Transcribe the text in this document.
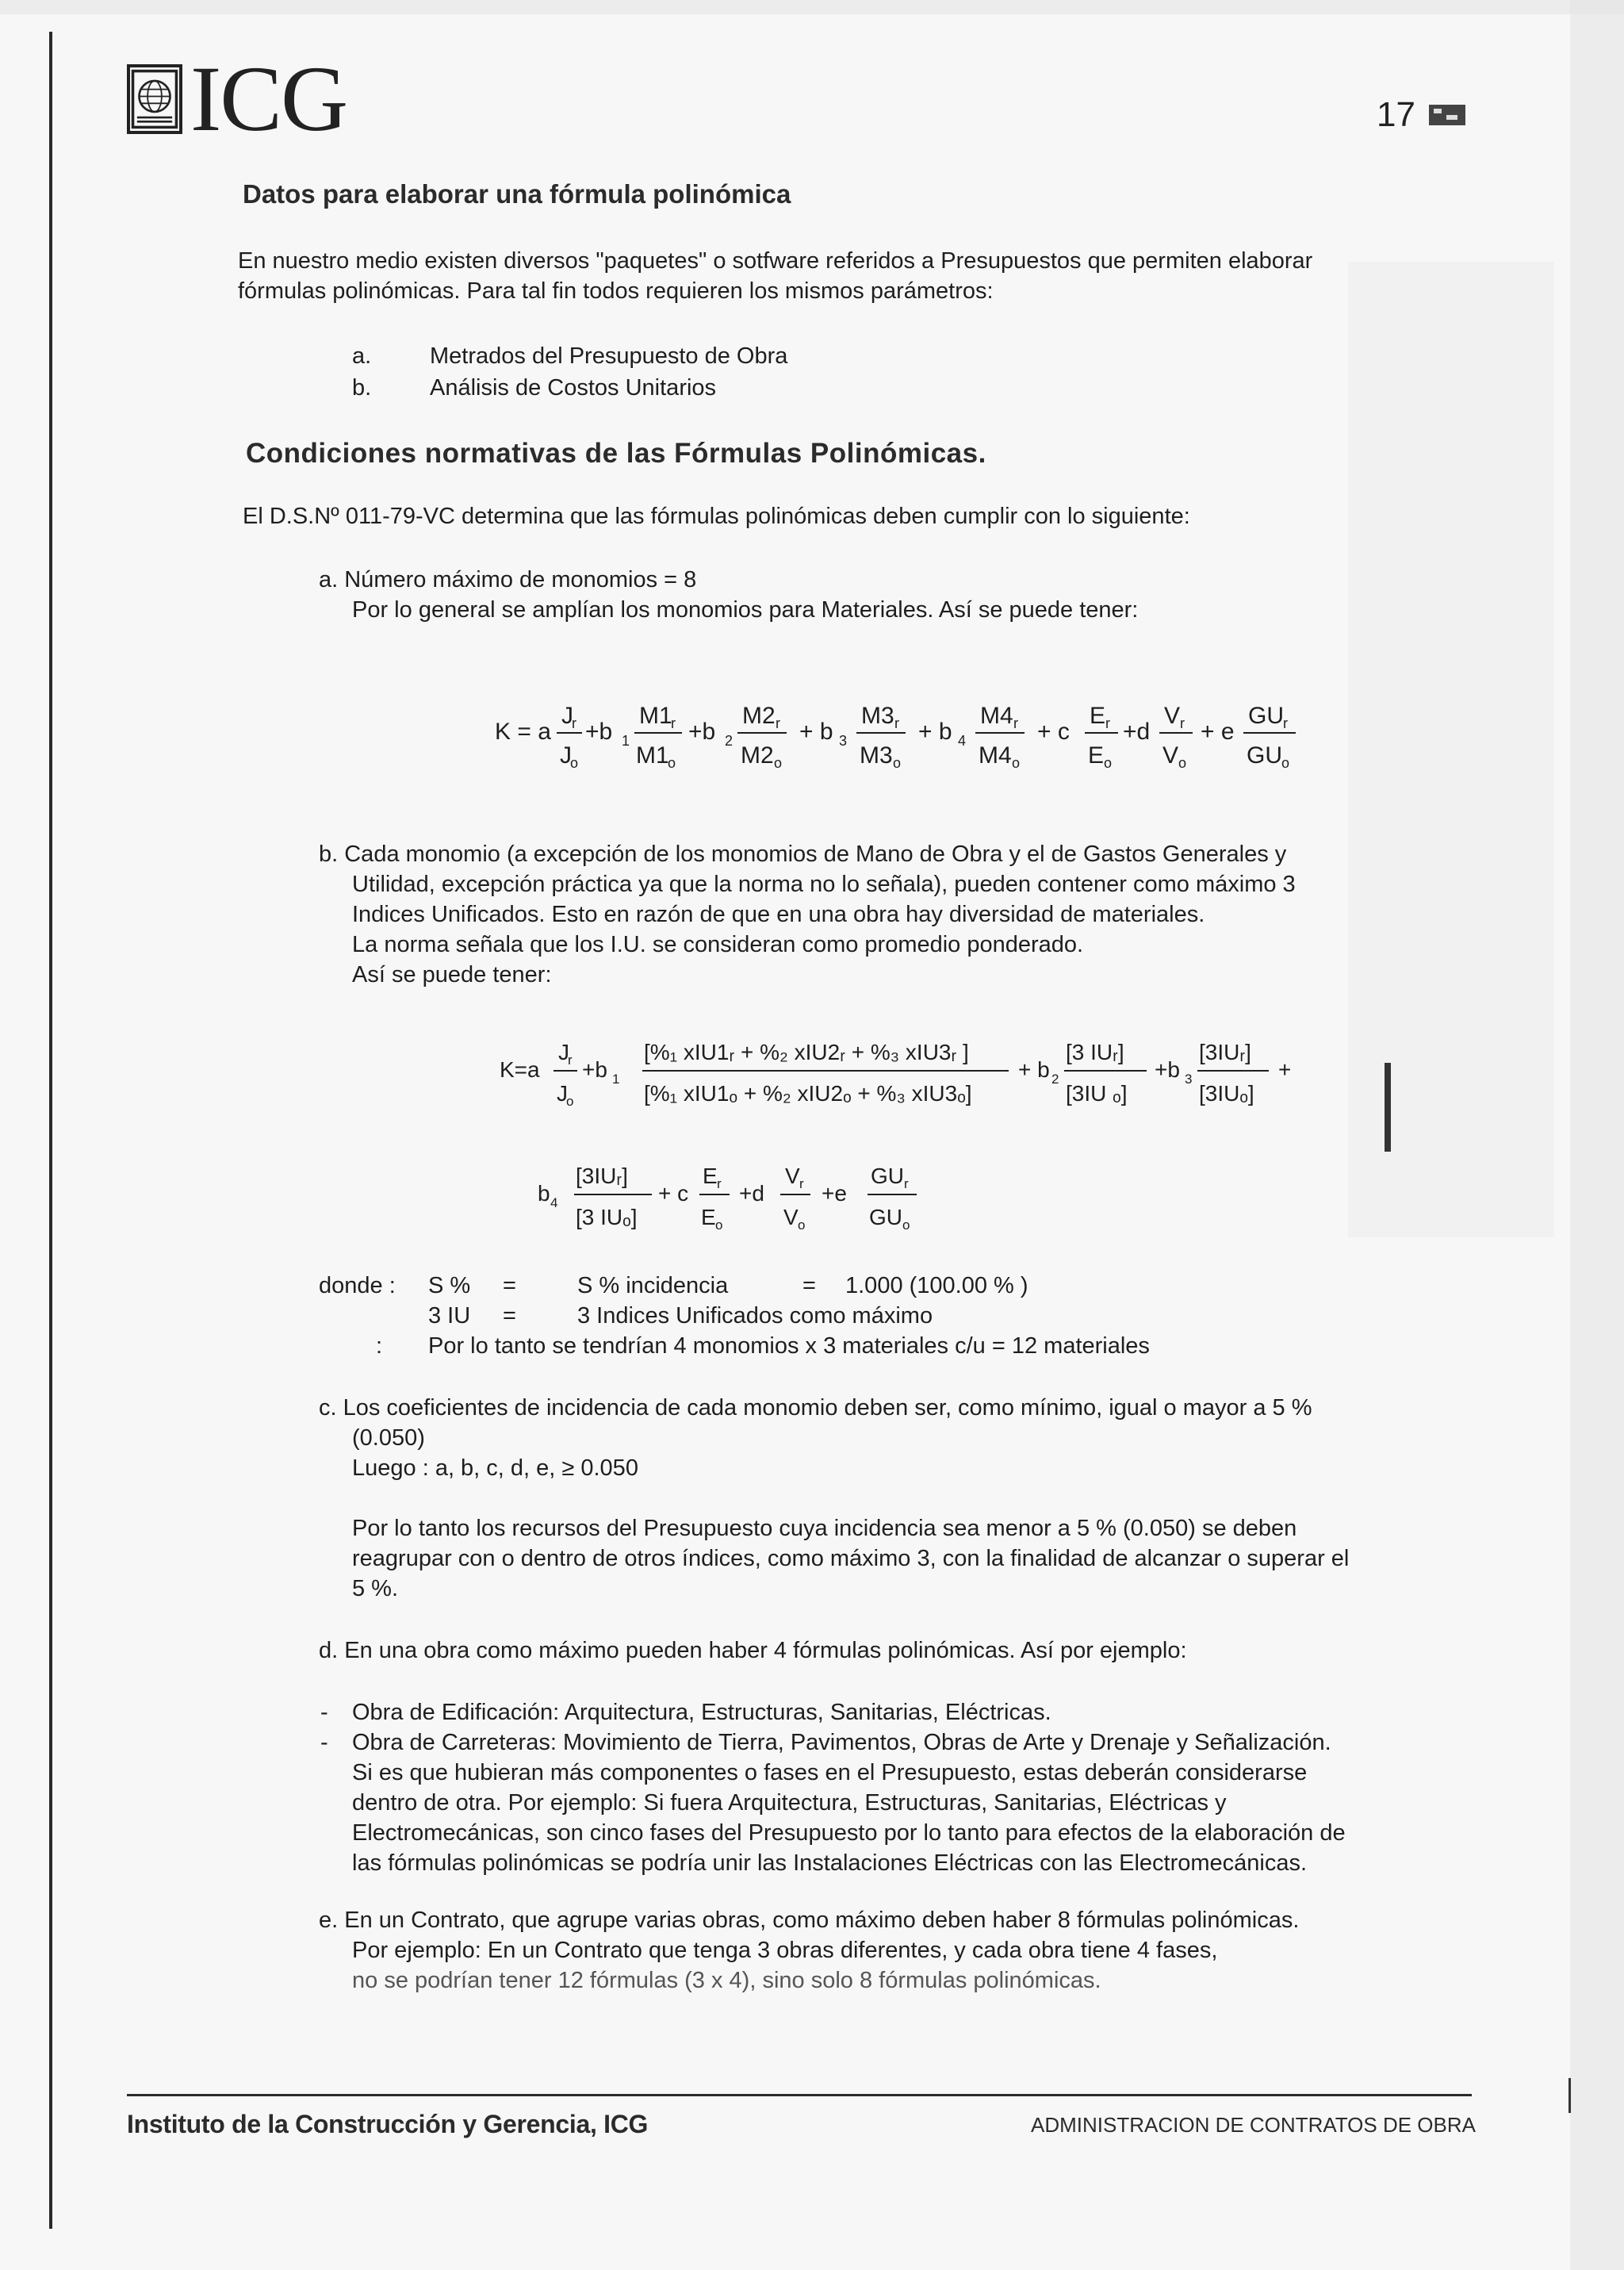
ICG	17
Datos para elaborar una fórmula polinómica
En nuestro medio existen diversos "paquetes" o sotfware referidos a Presupuestos que permiten elaborar
fórmulas polinómicas. Para tal fin todos requieren los mismos parámetros:
a.	Metrados del Presupuesto de Obra
b.	Análisis de Costos Unitarios
Condiciones normativas de las Fórmulas Polinómicas.
El D.S.Nº 011-79-VC determina que las fórmulas polinómicas deben cumplir con lo siguiente:
a. Número máximo de monomios = 8
Por lo general se amplían los monomios para Materiales. Así se puede tener:
K = a
J
r
J
o
+b 1
M1
r
M1
o
+b 2
M2 r
M2 o
+ b 3
M3 r
M3 o
+ b 4
M4 r
M4 o
+ c
E r
E o
+d
V r
V o
+ e
GU r
GU o
b. Cada monomio (a excepción de los monomios de Mano de Obra y el de Gastos Generales y
Utilidad, excepción práctica ya que la norma no lo señala), pueden contener como máximo 3
Indices Unificados. Esto en razón de que en una obra hay diversidad de materiales.
La norma señala que los I.U. se consideran como promedio ponderado.
Así se puede tener:
K=a
J
r
J
o
+b 1
[%₁ xIU1ᵣ + %₂ xIU2ᵣ + %₃ xIU3ᵣ ]
[%₁ xIU1ₒ + %₂ xIU2ₒ + %₃ xIU3ₒ]
+ b 2
[3 IUᵣ]
[3IU ₒ]
+b 3
[3IUᵣ]
[3IUₒ]
+
b 4
[3IUᵣ]
[3 IUₒ]
+ c
E r
E o
+d
V r
V o
+e
GU r
GU o
donde : S % =	S % incidencia	= 1.000 (100.00 % )
3 IU =	3 Indices Unificados como máximo
: Por lo tanto se tendrían 4 monomios x 3 materiales c/u = 12 materiales
c. Los coeficientes de incidencia de cada monomio deben ser, como mínimo, igual o mayor a 5 %
(0.050)
Luego : a, b, c, d, e, ≥ 0.050
Por lo tanto los recursos del Presupuesto cuya incidencia sea menor a 5 % (0.050) se deben
reagrupar con o dentro de otros índices, como máximo 3, con la finalidad de alcanzar o superar el
5 %.
d. En una obra como máximo pueden haber 4 fórmulas polinómicas. Así por ejemplo:
- Obra de Edificación: Arquitectura, Estructuras, Sanitarias, Eléctricas.
- Obra de Carreteras: Movimiento de Tierra, Pavimentos, Obras de Arte y Drenaje y Señalización.
Si es que hubieran más componentes o fases en el Presupuesto, estas deberán considerarse
dentro de otra. Por ejemplo: Si fuera Arquitectura, Estructuras, Sanitarias, Eléctricas y
Electromecánicas, son cinco fases del Presupuesto por lo tanto para efectos de la elaboración de
las fórmulas polinómicas se podría unir las Instalaciones Eléctricas con las Electromecánicas.
e. En un Contrato, que agrupe varias obras, como máximo deben haber 8 fórmulas polinómicas.
Por ejemplo: En un Contrato que tenga 3 obras diferentes, y cada obra tiene 4 fases,
no se podrían tener 12 fórmulas (3 x 4), sino solo 8 fórmulas polinómicas.
Instituto de la Construcción y Gerencia, ICG	ADMINISTRACION DE CONTRATOS DE OBRA
